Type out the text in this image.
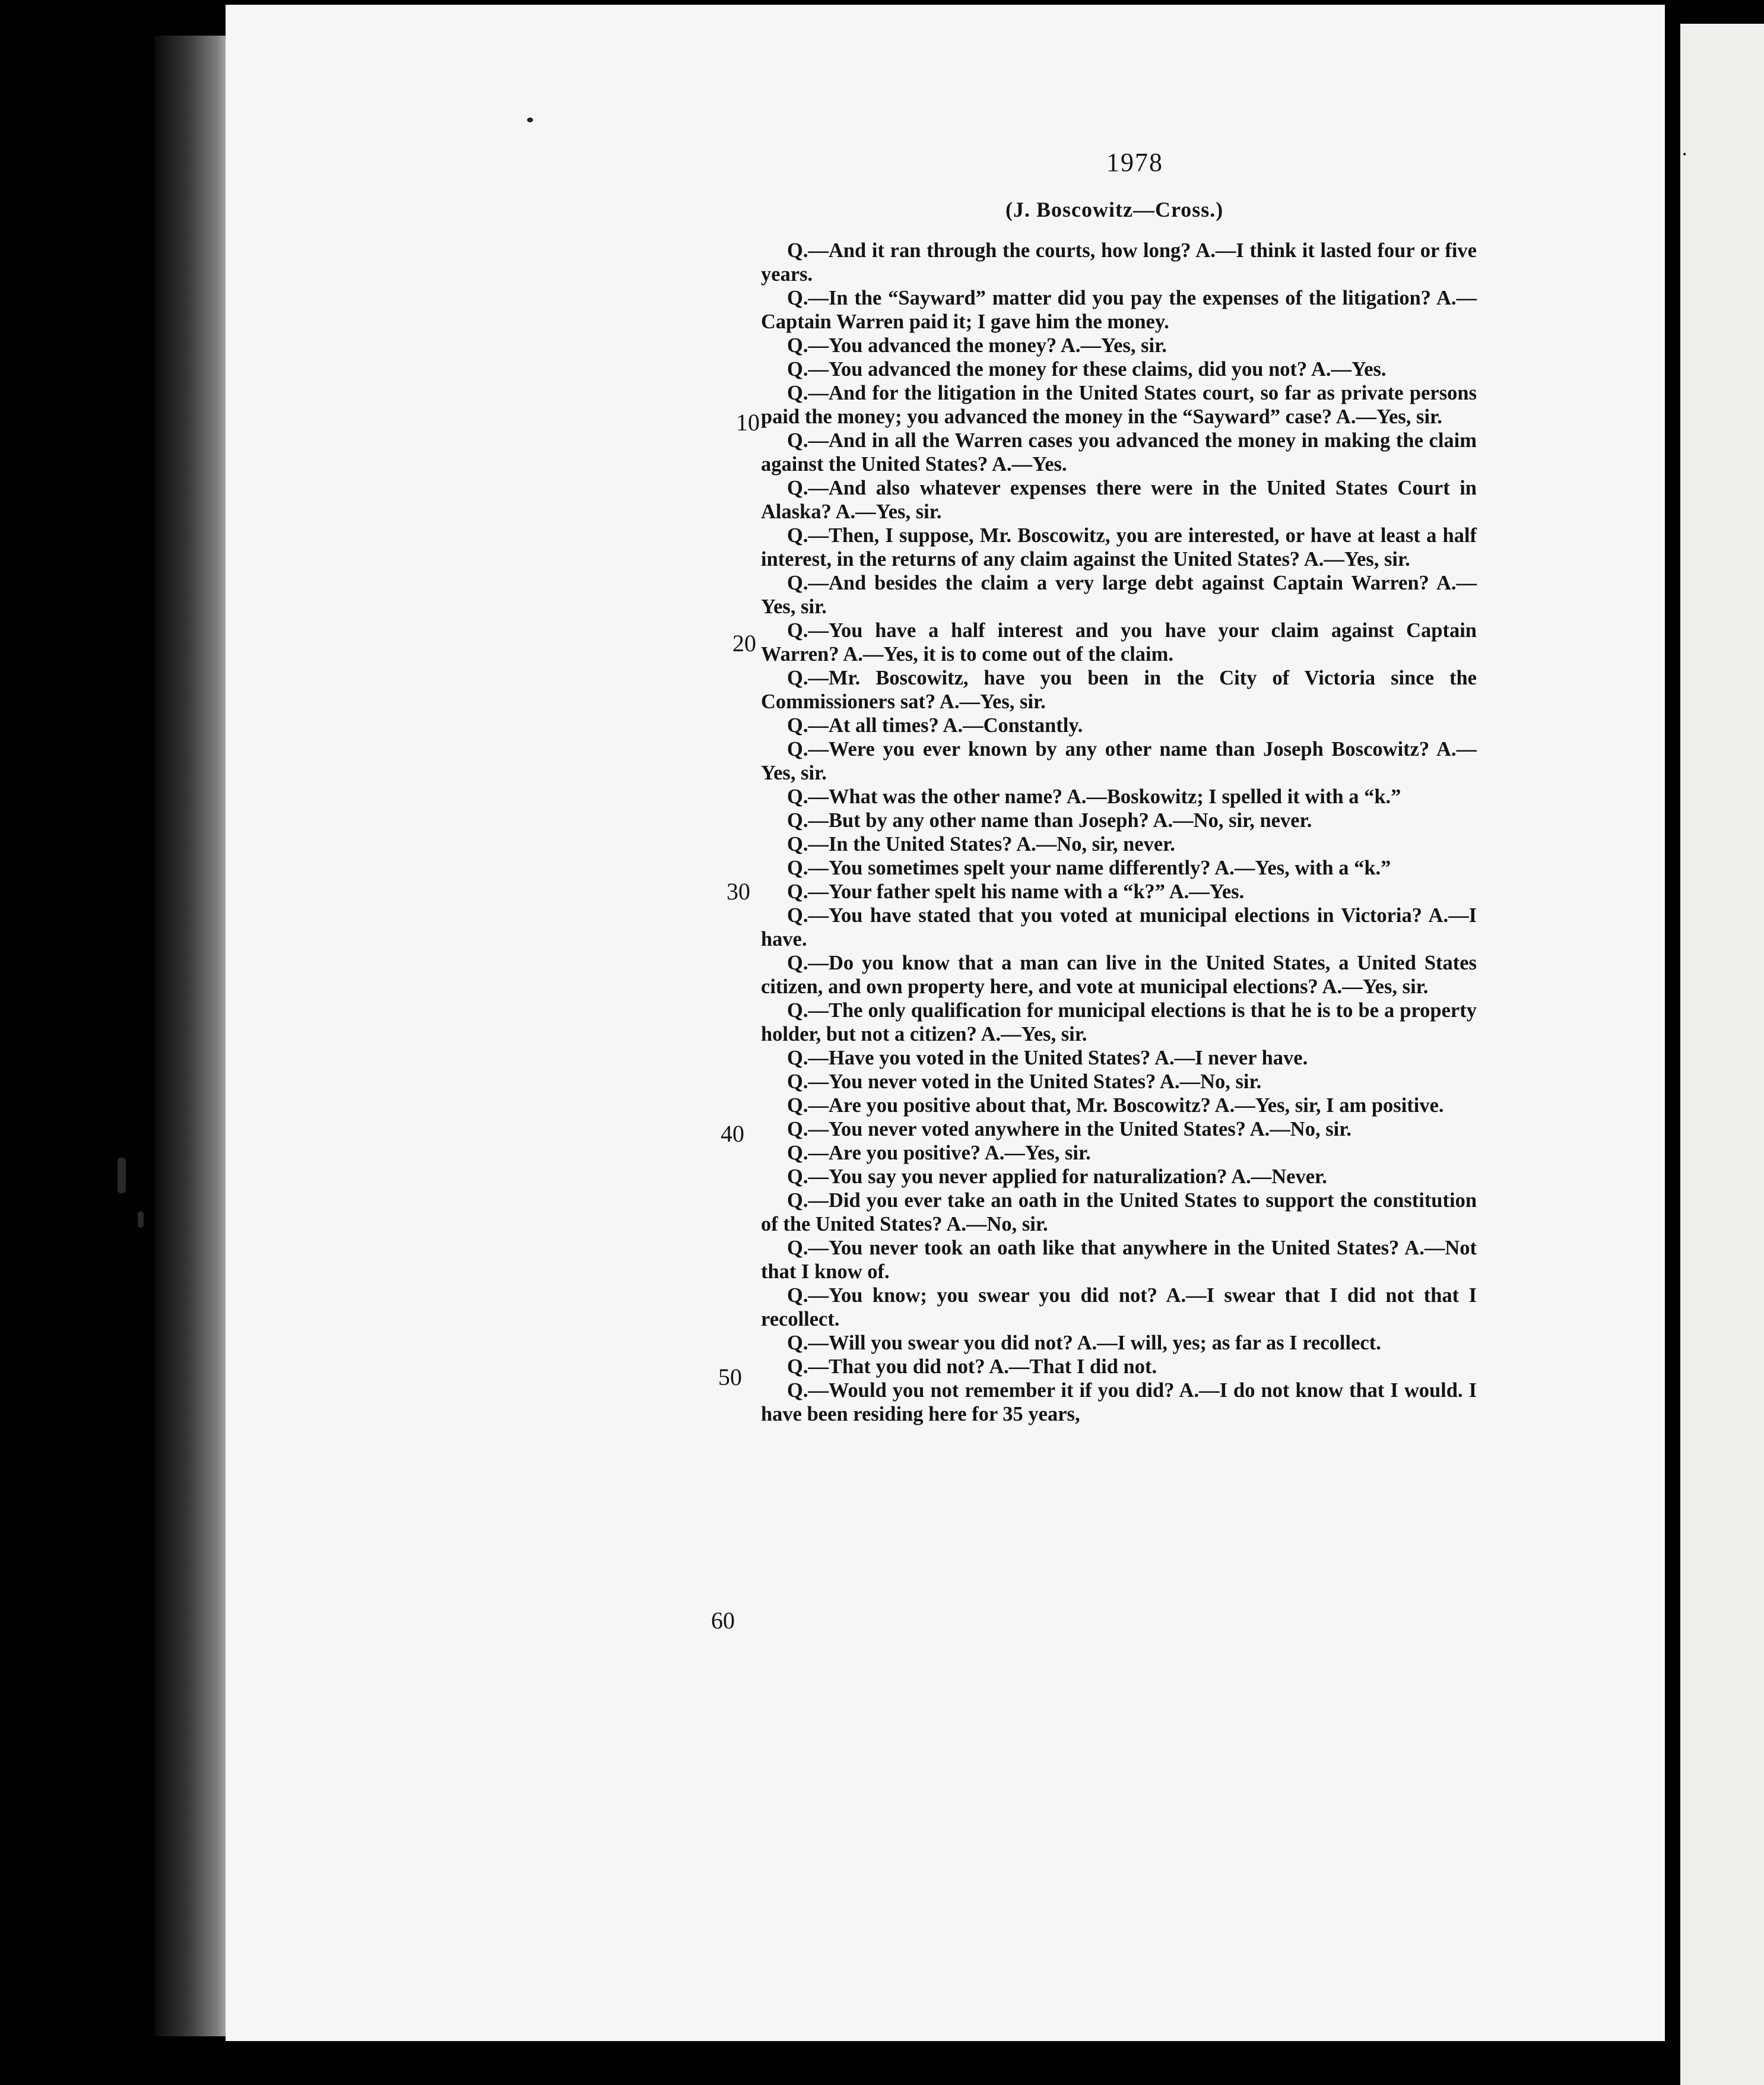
•
1978
(J. Boscowitz—Cross.)
10
20
30
40
50
60

Q.—And it ran through the courts, how long? A.—I think it lasted four or five years.

Q.—In the “Sayward” matter did you pay the expenses of the litigation? A.—Captain Warren paid it; I gave him the money.

Q.—You advanced the money? A.—Yes, sir.

Q.—You advanced the money for these claims, did you not? A.—Yes.

Q.—And for the litigation in the United States court, so far as private persons paid the money; you advanced the money in the “Sayward” case? A.—Yes, sir.

Q.—And in all the Warren cases you advanced the money in making the claim against the United States? A.—Yes.

Q.—And also whatever expenses there were in the United States Court in Alaska? A.—Yes, sir.

Q.—Then, I suppose, Mr. Boscowitz, you are interested, or have at least a half interest, in the returns of any claim against the United States? A.—Yes, sir.

Q.—And besides the claim a very large debt against Captain Warren? A.—Yes, sir.

Q.—You have a half interest and you have your claim against Captain Warren? A.—Yes, it is to come out of the claim.

Q.—Mr. Boscowitz, have you been in the City of Victoria since the Commissioners sat? A.—Yes, sir.

Q.—At all times? A.—Constantly.

Q.—Were you ever known by any other name than Joseph Boscowitz? A.—Yes, sir.

Q.—What was the other name? A.—Boskowitz; I spelled it with a “k.”

Q.—But by any other name than Joseph? A.—No, sir, never.

Q.—In the United States? A.—No, sir, never.

Q.—You sometimes spelt your name differently? A.—Yes, with a “k.”

Q.—Your father spelt his name with a “k?” A.—Yes.

Q.—You have stated that you voted at municipal elections in Victoria? A.—I have.

Q.—Do you know that a man can live in the United States, a United States citizen, and own property here, and vote at municipal elections? A.—Yes, sir.

Q.—The only qualification for municipal elections is that he is to be a property holder, but not a citizen? A.—Yes, sir.

Q.—Have you voted in the United States? A.—I never have.

Q.—You never voted in the United States? A.—No, sir.

Q.—Are you positive about that, Mr. Boscowitz? A.—Yes, sir, I am positive.

Q.—You never voted anywhere in the United States? A.—No, sir.

Q.—Are you positive? A.—Yes, sir.

Q.—You say you never applied for naturalization? A.—Never.

Q.—Did you ever take an oath in the United States to support the constitution of the United States? A.—No, sir.

Q.—You never took an oath like that anywhere in the United States? A.—Not that I know of.

Q.—You know; you swear you did not? A.—I swear that I did not that I recollect.

Q.—Will you swear you did not? A.—I will, yes; as far as I recollect.

Q.—That you did not? A.—That I did not.

Q.—Would you not remember it if you did? A.—I do not know that I would. I have been residing here for 35 years,
